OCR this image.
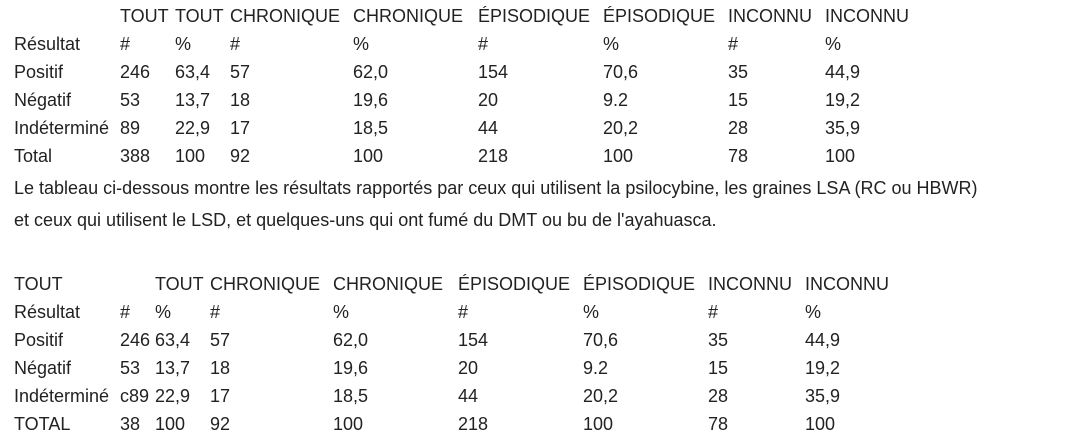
	TOUT	TOUT	CHRONIQUE	CHRONIQUE	ÉPISODIQUE	ÉPISODIQUE	INCONNU	INCONNU
Résultat	#	%	#	%	#	%	#	%
Positif	246	63,4	57	62,0	154	70,6	35	44,9
Négatif	53	13,7	18	19,6	20	9.2	15	19,2
Indéterminé	89	22,9	17	18,5	44	20,2	28	35,9
Total	388	100	92	100	218	100	78	100

Le tableau ci-dessous montre les résultats rapportés par ceux qui utilisent la psilocybine, les graines LSA (RC ou HBWR)
et ceux qui utilisent le LSD, et quelques-uns qui ont fumé du DMT ou bu de l'ayahuasca.

TOUT		TOUT	CHRONIQUE	CHRONIQUE	ÉPISODIQUE	ÉPISODIQUE	INCONNU	INCONNU
Résultat	#	%	#	%	#	%	#	%
Positif	246	63,4	57	62,0	154	70,6	35	44,9
Négatif	53	13,7	18	19,6	20	9.2	15	19,2
Indéterminé	c89	22,9	17	18,5	44	20,2	28	35,9
TOTAL	38	100	92	100	218	100	78	100
